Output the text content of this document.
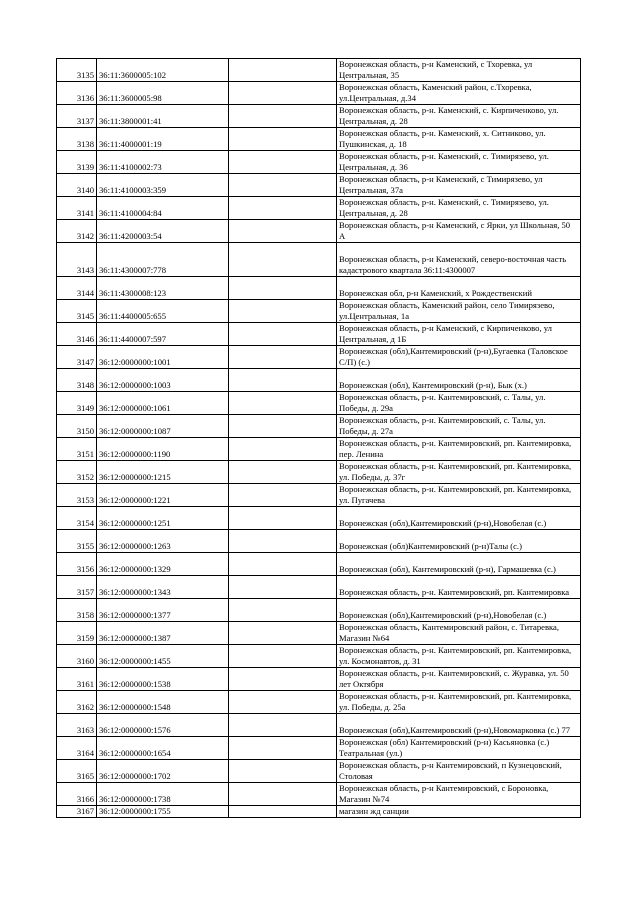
3135	36:11:3600005:102		Воронежская область, р-н Каменский, с Тхоревка, ул Центральная, 35
3136	36:11:3600005:98		Воронежская область, Каменский район, с.Тхоревка, ул.Центральная, д.34
3137	36:11:3800001:41		Воронежская область, р-н. Каменский, с. Кирпиченково, ул. Центральная, д. 28
3138	36:11:4000001:19		Воронежская область, р-н. Каменский, х. Ситниково, ул. Пушкинская, д. 18
3139	36:11:4100002:73		Воронежская область, р-н. Каменский, с. Тимирязево, ул. Центральная, д. 36
3140	36:11:4100003:359		Воронежская область, р-н Каменский, с Тимирязево, ул Центральная, 37а
3141	36:11:4100004:84		Воронежская область, р-н. Каменский, с. Тимирязево, ул. Центральная, д. 28
3142	36:11:4200003:54		Воронежская область, р-н Каменский, с Ярки, ул Школьная, 50 А
3143	36:11:4300007:778		Воронежская область, р-н Каменский, северо-восточная часть кадастрового квартала 36:11:4300007
3144	36:11:4300008:123		Воронежская обл, р-н Каменский, х Рождественский
3145	36:11:4400005:655		Воронежская область, Каменский район, село Тимирязево, ул.Центральная, 1а
3146	36:11:4400007:597		Воронежская область, р-н Каменский, с Кирпиченково, ул Центральная, д 1Б
3147	36:12:0000000:1001		Воронежская (обл),Кантемировский (р-н),Бугаевка (Таловское С/П) (с.)
3148	36:12:0000000:1003		Воронежская (обл), Кантемировский (р-н), Бык (х.)
3149	36:12:0000000:1061		Воронежская область, р-н. Кантемировский, с. Талы, ул. Победы, д. 29а
3150	36:12:0000000:1087		Воронежская область, р-н. Кантемировский, с. Талы, ул. Победы, д. 27а
3151	36:12:0000000:1190		Воронежская область, р-н. Кантемировский, рп. Кантемировка, пер. Ленина
3152	36:12:0000000:1215		Воронежская область, р-н. Кантемировский, рп. Кантемировка, ул. Победы, д. 37г
3153	36:12:0000000:1221		Воронежская область, р-н. Кантемировский, рп. Кантемировка, ул. Пугачева
3154	36:12:0000000:1251		Воронежская (обл),Кантемировский (р-н),Новобелая (с.)
3155	36:12:0000000:1263		Воронежская (обл)Кантемировский (р-н)Талы (с.)
3156	36:12:0000000:1329		Воронежская (обл), Кантемировский (р-н), Гармашевка (с.)
3157	36:12:0000000:1343		Воронежская область, р-н. Кантемировский, рп. Кантемировка
3158	36:12:0000000:1377		Воронежская (обл),Кантемировский (р-н),Новобелая (с.)
3159	36:12:0000000:1387		Воронежская область, Кантемировский район, с. Титаревка, Магазин №64
3160	36:12:0000000:1455		Воронежская область, р-н. Кантемировский, рп. Кантемировка, ул. Космонавтов, д. 31
3161	36:12:0000000:1538		Воронежская область, р-н. Кантемировский, с. Журавка, ул. 50 лет Октября
3162	36:12:0000000:1548		Воронежская область, р-н. Кантемировский, рп. Кантемировка, ул. Победы, д. 25а
3163	36:12:0000000:1576		Воронежская (обл),Кантемировский (р-н),Новомарковка (с.) 77
3164	36:12:0000000:1654		Воронежская (обл) Кантемировский (р-н) Касьяновка (с.) Театральная (ул.)
3165	36:12:0000000:1702		Воронежская область, р-н Кантемировский, п Кузнецовский, Столовая
3166	36:12:0000000:1738		Воронежская область, р-н Кантемировский, с Бороновка, Магазин №74
3167	36:12:0000000:1755		магазин жд санции
